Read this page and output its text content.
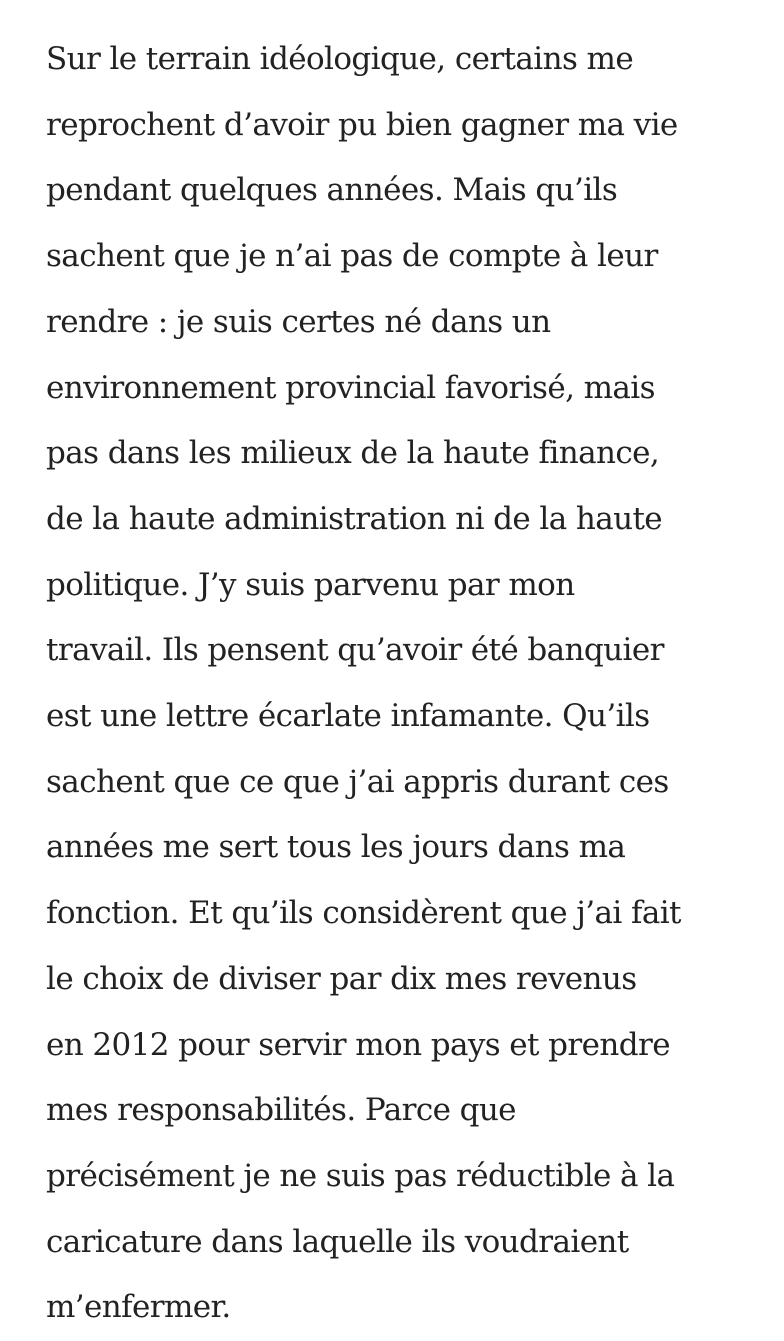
Sur le terrain idéologique, certains me
reprochent d’avoir pu bien gagner ma vie
pendant quelques années. Mais qu’ils
sachent que je n’ai pas de compte à leur
rendre : je suis certes né dans un
environnement provincial favorisé, mais
pas dans les milieux de la haute finance,
de la haute administration ni de la haute
politique. J’y suis parvenu par mon
travail. Ils pensent qu’avoir été banquier
est une lettre écarlate infamante. Qu’ils
sachent que ce que j’ai appris durant ces
années me sert tous les jours dans ma
fonction. Et qu’ils considèrent que j’ai fait
le choix de diviser par dix mes revenus
en 2012 pour servir mon pays et prendre
mes responsabilités. Parce que
précisément je ne suis pas réductible à la
caricature dans laquelle ils voudraient
m’enfermer.
